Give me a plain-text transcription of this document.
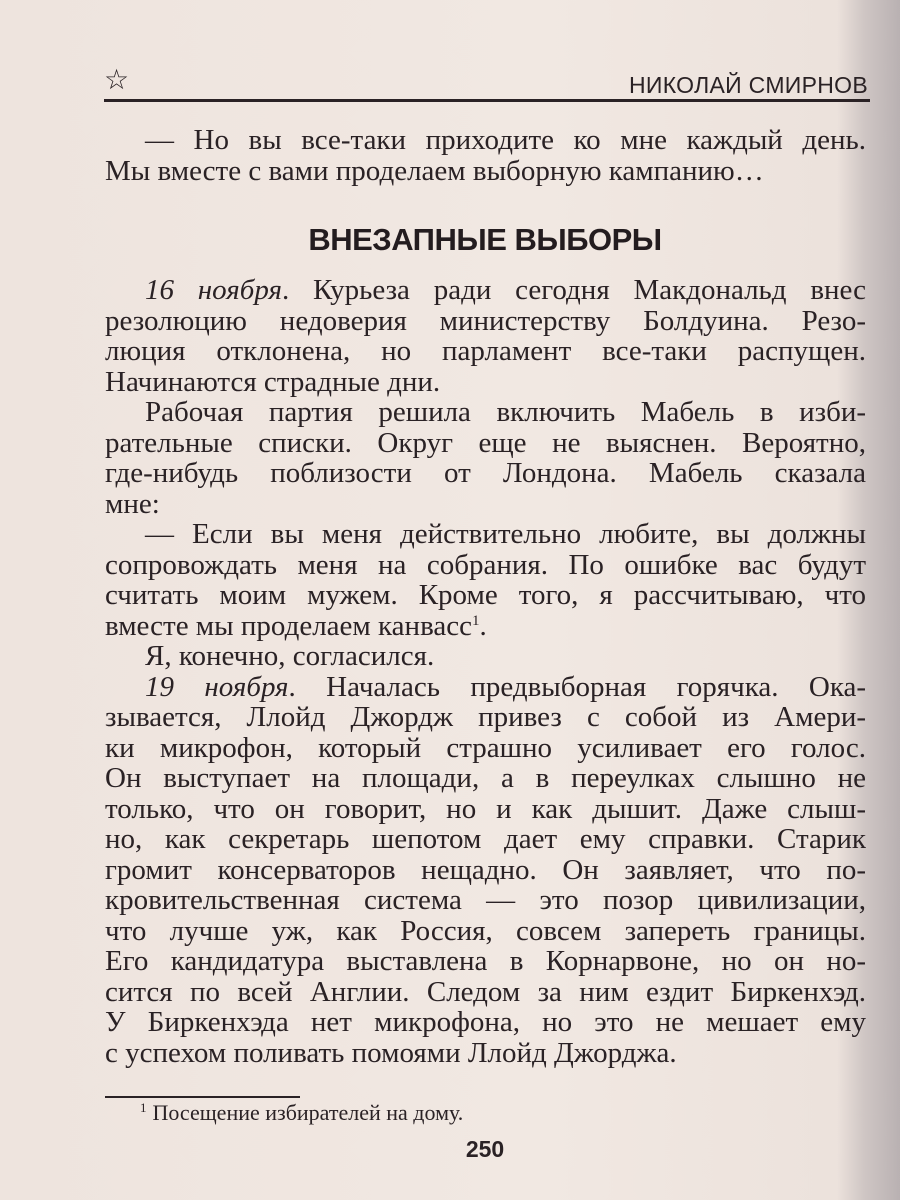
☆	НИКОЛАЙ СМИРНОВ
— Но вы все-таки приходите ко мне каждый день.
Мы вместе с вами проделаем выборную кампанию…
ВНЕЗАПНЫЕ ВЫБОРЫ
16 ноября. Курьеза ради сегодня Макдональд внес
резолюцию недоверия министерству Болдуина. Резо-
люция отклонена, но парламент все-таки распущен.
Начинаются страдные дни.
Рабочая партия решила включить Мабель в изби-
рательные списки. Округ еще не выяснен. Вероятно,
где-нибудь поблизости от Лондона. Мабель сказала
мне:
— Если вы меня действительно любите, вы должны
сопровождать меня на собрания. По ошибке вас будут
считать моим мужем. Кроме того, я рассчитываю, что
вместе мы проделаем канвасс$^1$.
Я, конечно, согласился.
19 ноября. Началась предвыборная горячка. Ока-
зывается, Ллойд Джордж привез с собой из Амери-
ки микрофон, который страшно усиливает его голос.
Он выступает на площади, а в переулках слышно не
только, что он говорит, но и как дышит. Даже слыш-
но, как секретарь шепотом дает ему справки. Старик
громит консерваторов нещадно. Он заявляет, что по-
кровительственная система — это позор цивилизации,
что лучше уж, как Россия, совсем запереть границы.
Его кандидатура выставлена в Корнарвоне, но он но-
сится по всей Англии. Следом за ним ездит Биркенхэд.
У Биркенхэда нет микрофона, но это не мешает ему
с успехом поливать помоями Ллойд Джорджа.
$^1$ Посещение избирателей на дому.
250
